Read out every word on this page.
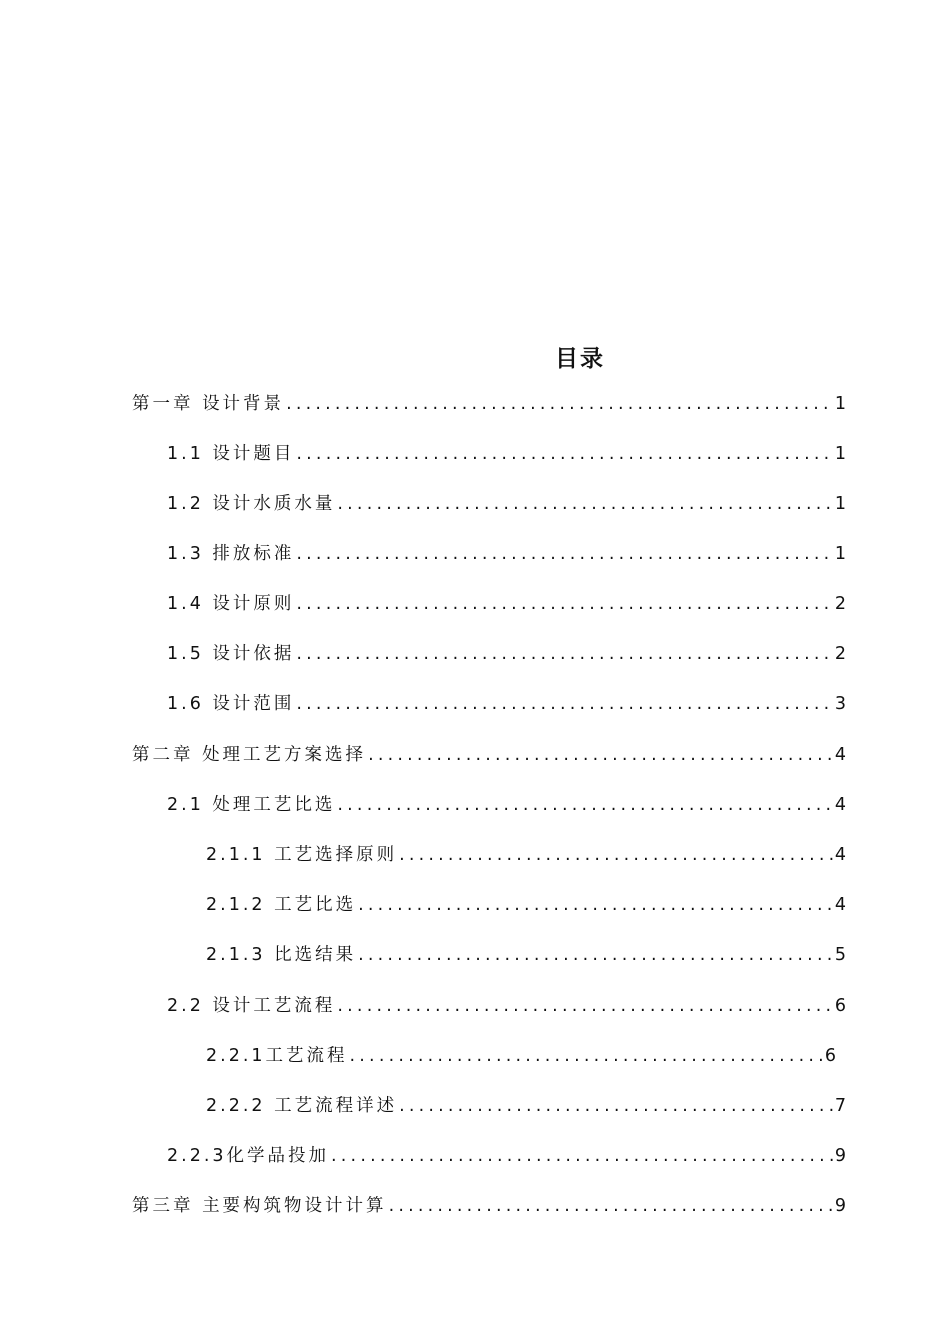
目录
第一章 设计背景 .....	1
1.1 设计题目 .....	1
1.2 设计水质水量 .....	1
1.3 排放标准 .....	1
1.4 设计原则 .....	2
1.5 设计依据 .....	2
1.6 设计范围 .....	3
第二章 处理工艺方案选择 .....	4
2.1 处理工艺比选 .....	4
2.1.1 工艺选择原则 .....	4
2.1.2 工艺比选 .....	4
2.1.3 比选结果 .....	5
2.2 设计工艺流程 .....	6
2.2.1工艺流程 .....	6
2.2.2 工艺流程详述 .....	7
2.2.3化学品投加 .....	9
第三章 主要构筑物设计计算 .....	9
